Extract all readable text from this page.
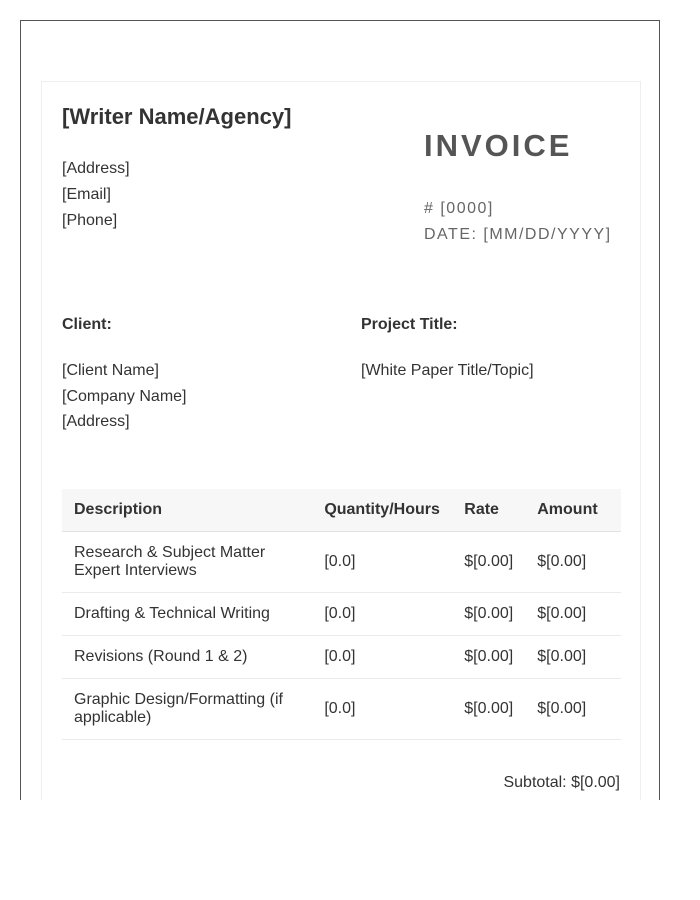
[Writer Name/Agency]
[Address]
[Email]
[Phone]
INVOICE
# [0000]
DATE: [MM/DD/YYYY]
Client:
[Client Name]
[Company Name]
[Address]
Project Title:
[White Paper Title/Topic]
Description	Quantity/Hours	Rate	Amount
Research & Subject Matter Expert Interviews	[0.0]	$[0.00]	$[0.00]
Drafting & Technical Writing	[0.0]	$[0.00]	$[0.00]
Revisions (Round 1 & 2)	[0.0]	$[0.00]	$[0.00]
Graphic Design/Formatting (if applicable)	[0.0]	$[0.00]	$[0.00]
Subtotal: $[0.00]
